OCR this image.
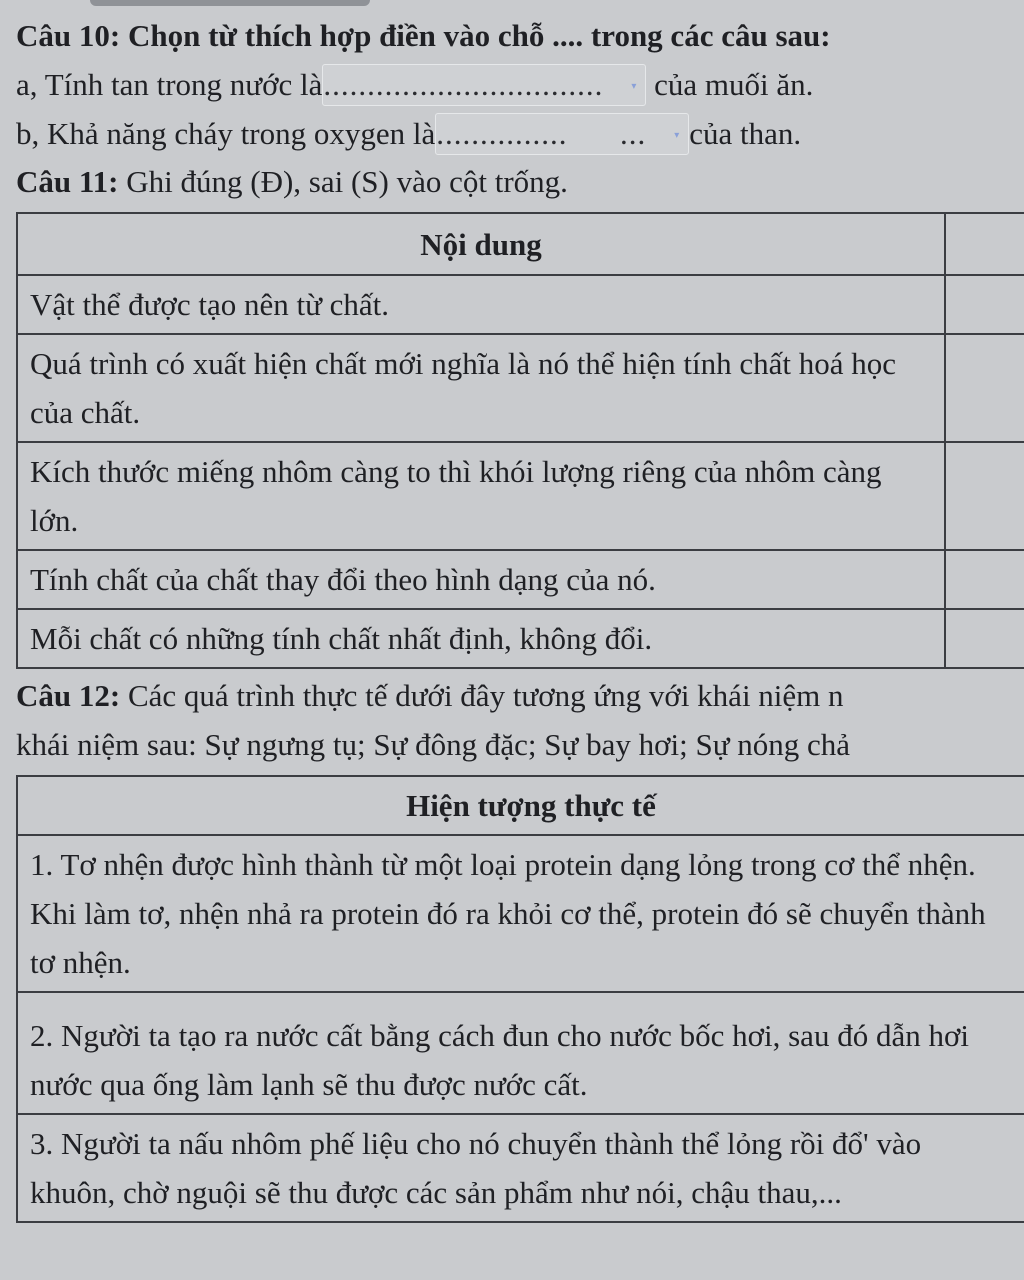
Câu 10: Chọn từ thích hợp điền vào chỗ .... trong các câu sau:
a, Tính tan trong nước là................................	▾ của muối ăn.
b, Khả năng cháy trong oxygen là...............      ...	▾ của than.
Câu 11: Ghi đúng (Đ), sai (S) vào cột trống.
Nội dung	
Vật thể được tạo nên từ chất.	
Quá trình có xuất hiện chất mới nghĩa là nó thể hiện tính chất hoá học của chất.	
Kích thước miếng nhôm càng to thì khói lượng riêng của nhôm càng lớn.	
Tính chất của chất thay đổi theo hình dạng của nó.	
Mỗi chất có những tính chất nhất định, không đổi.	
Câu 12: Các quá trình thực tế dưới đây tương ứng với khái niệm n
khái niệm sau: Sự ngưng tụ; Sự đông đặc; Sự bay hơi; Sự nóng chả
Hiện tượng thực tế
1. Tơ nhện được hình thành từ một loại protein dạng lỏng trong cơ thể nhện. Khi làm tơ, nhện nhả ra protein đó ra khỏi cơ thể, protein đó sẽ chuyển thành tơ nhện.
2. Người ta tạo ra nước cất bằng cách đun cho nước bốc hơi, sau đó dẫn hơi nước qua ống làm lạnh sẽ thu được nước cất.
3. Người ta nấu nhôm phế liệu cho nó chuyển thành thể lỏng rồi đổ' vào khuôn, chờ nguội sẽ thu được các sản phẩm như nói, chậu thau,...
